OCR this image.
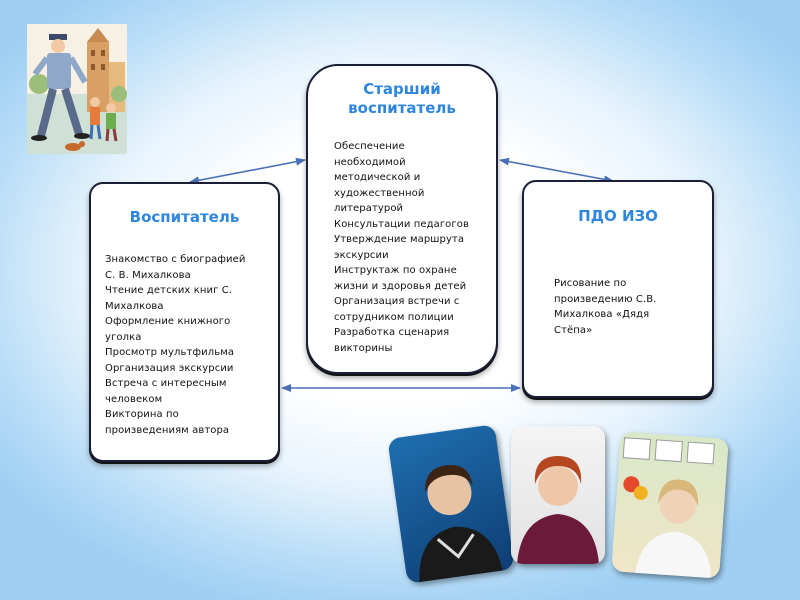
Старший
воспитатель
Обеспечение
необходимой
методической и
художественной
литературой
Консультации педагогов
Утверждение маршрута
экскурсии
Инструктаж по охране
жизни и здоровья детей
Организация встречи с
сотрудником полиции
Разработка сценария
викторины
Воспитатель
Знакомство с биографией
С. В. Михалкова
Чтение детских книг С.
Михалкова
Оформление книжного
уголка
Просмотр мультфильма
Организация экскурсии
Встреча с интересным
человеком
Викторина по
произведениям автора
ПДО ИЗО
Рисование по
произведению С.В.
Михалкова «Дядя
Стёпа»
